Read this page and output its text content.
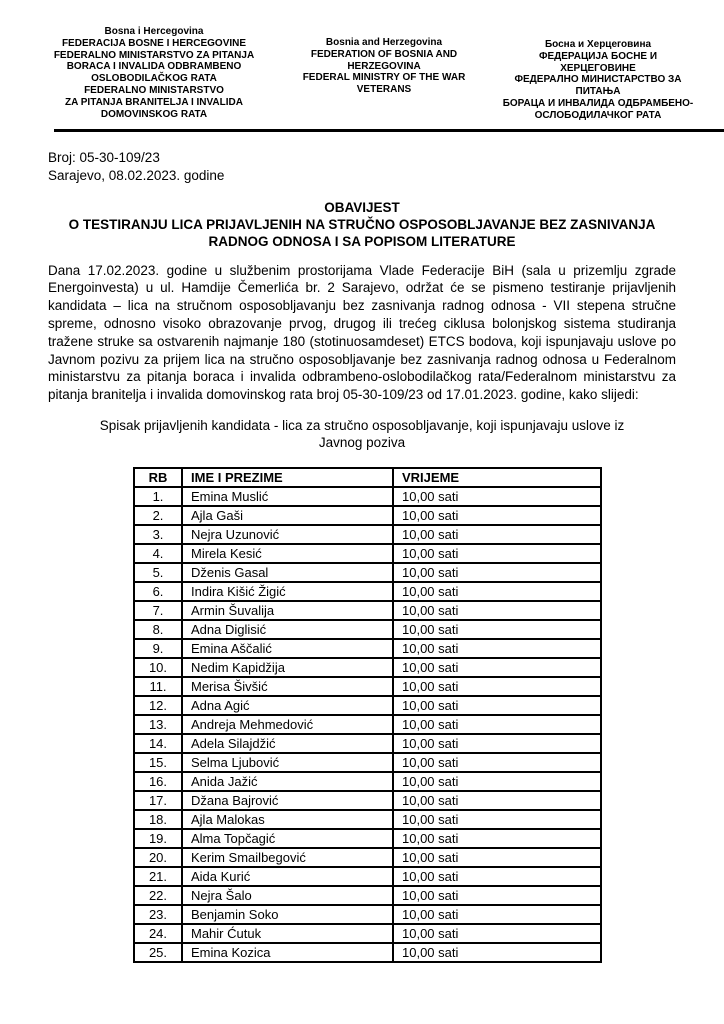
Bosna i Hercegovina
FEDERACIJA BOSNE I HERCEGOVINE
FEDERALNO MINISTARSTVO ZA PITANJA
BORACA I INVALIDA ODBRAMBENO
OSLOBODILAČKOG RATA
FEDERALNO MINISTARSTVO
ZA PITANJA BRANITELJA I INVALIDA
DOMOVINSKOG RATA
Bosnia and Herzegovina
FEDERATION OF BOSNIA AND
HERZEGOVINA
FEDERAL MINISTRY OF THE WAR
VETERANS
Босна и Херцеговина
ФЕДЕРАЦИЈА БОСНЕ И
ХЕРЦЕГОВИНЕ
ФЕДЕРАЛНО МИНИСТАРСТВО ЗА
ПИТАЊА
БОРАЦА И ИНВАЛИДА ОДБРАМБЕНО-
ОСЛОБОДИЛАЧКОГ РАТА
Broj: 05-30-109/23
Sarajevo, 08.02.2023. godine
OBAVIJEST
O TESTIRANJU LICA PRIJAVLJENIH NA STRUČNO OSPOSOBLJAVANJE BEZ ZASNIVANJA
RADNOG ODNOSA I SA POPISOM LITERATURE

Dana 17.02.2023. godine u službenim prostorijama Vlade Federacije BiH (sala u prizemlju zgrade Energoinvesta) u ul. Hamdije Čemerlića br. 2 Sarajevo, održat će se pismeno testiranje prijavljenih kandidata – lica na stručnom osposobljavanju bez zasnivanja radnog odnosa - VII stepena stručne spreme, odnosno visoko obrazovanje prvog, drugog ili trećeg ciklusa bolonjskog sistema studiranja tražene struke sa ostvarenih najmanje 180 (stotinuosamdeset) ETCS bodova, koji ispunjavaju uslove po Javnom pozivu za prijem lica na stručno osposobljavanje bez zasnivanja radnog odnosa u Federalnom ministarstvu za pitanja boraca i invalida odbrambeno-oslobodilačkog rata/Federalnom ministarstvu za pitanja branitelja i invalida domovinskog rata broj 05-30-109/23 od 17.01.2023. godine, kako slijedi:

Spisak prijavljenih kandidata - lica za stručno osposobljavanje, koji ispunjavaju uslove iz
Javnog poziva
RB	IME I PREZIME	VRIJEME
1.	Emina Muslić	10,00 sati
2.	Ajla Gaši	10,00 sati
3.	Nejra Uzunović	10,00 sati
4.	Mirela Kesić	10,00 sati
5.	Dženis Gasal	10,00 sati
6.	Indira Kišić Žigić	10,00 sati
7.	Armin Šuvalija	10,00 sati
8.	Adna Diglisić	10,00 sati
9.	Emina Aščalić	10,00 sati
10.	Nedim Kapidžija	10,00 sati
11.	Merisa Šivšić	10,00 sati
12.	Adna Agić	10,00 sati
13.	Andreja Mehmedović	10,00 sati
14.	Adela Silajdžić	10,00 sati
15.	Selma Ljubović	10,00 sati
16.	Anida Jažić	10,00 sati
17.	Džana Bajrović	10,00 sati
18.	Ajla Malokas	10,00 sati
19.	Alma Topčagić	10,00 sati
20.	Kerim Smailbegović	10,00 sati
21.	Aida Kurić	10,00 sati
22.	Nejra Šalo	10,00 sati
23.	Benjamin Soko	10,00 sati
24.	Mahir Ćutuk	10,00 sati
25.	Emina Kozica	10,00 sati
